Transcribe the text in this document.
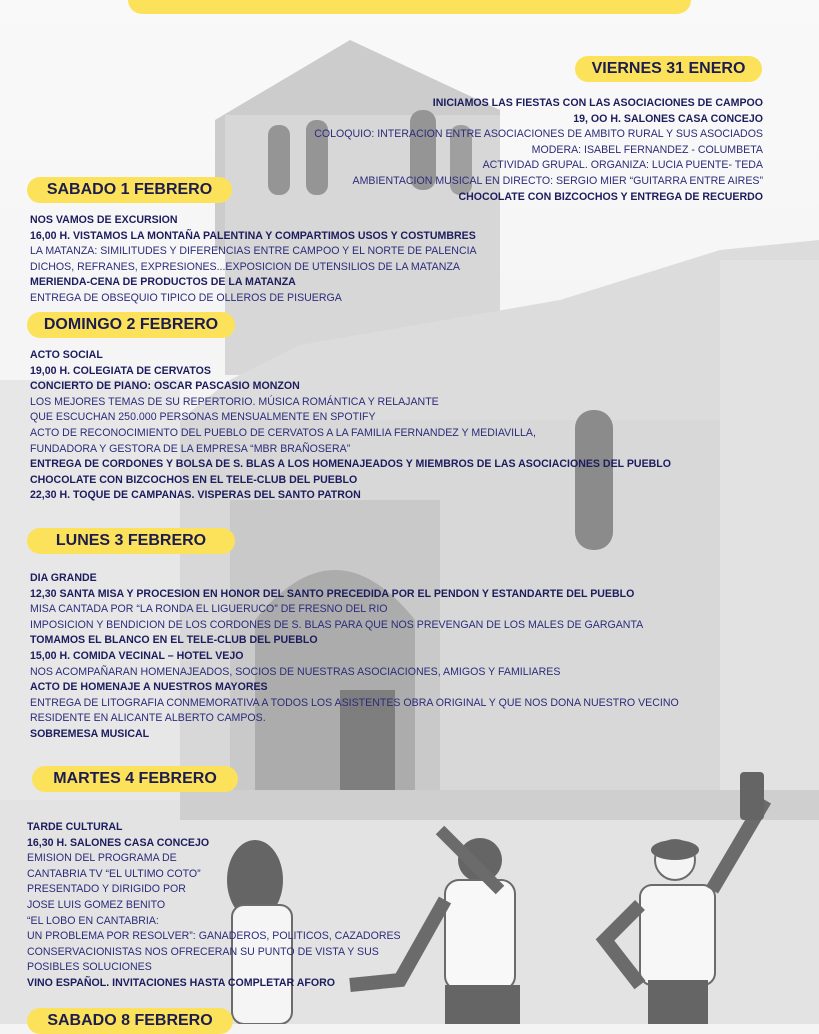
VIERNES 31 ENERO
INICIAMOS LAS FIESTAS CON LAS ASOCIACIONES DE CAMPOO
19, OO H. SALONES CASA CONCEJO
COLOQUIO: INTERACION ENTRE ASOCIACIONES DE AMBITO RURAL Y SUS ASOCIADOS
MODERA: ISABEL FERNANDEZ - COLUMBETA
ACTIVIDAD GRUPAL. ORGANIZA: LUCIA PUENTE- TEDA
AMBIENTACION MUSICAL EN DIRECTO: SERGIO MIER “GUITARRA ENTRE AIRES”
CHOCOLATE CON BIZCOCHOS Y ENTREGA DE RECUERDO
SABADO 1 FEBRERO
NOS VAMOS DE EXCURSION
16,00 H. VISTAMOS LA MONTAÑA PALENTINA Y COMPARTIMOS USOS Y COSTUMBRES
LA MATANZA: SIMILITUDES Y DIFERENCIAS ENTRE CAMPOO Y EL NORTE DE PALENCIA
DICHOS, REFRANES, EXPRESIONES...EXPOSICION DE UTENSILIOS DE LA MATANZA
MERIENDA-CENA DE PRODUCTOS DE LA MATANZA
ENTREGA DE OBSEQUIO TIPICO DE OLLEROS DE PISUERGA
DOMINGO 2 FEBRERO
ACTO SOCIAL
19,00 H. COLEGIATA DE CERVATOS
CONCIERTO DE PIANO: OSCAR PASCASIO MONZON
LOS MEJORES TEMAS DE SU REPERTORIO. MÚSICA ROMÁNTICA Y RELAJANTE
QUE ESCUCHAN 250.000 PERSONAS MENSUALMENTE EN SPOTIFY
ACTO DE RECONOCIMIENTO DEL PUEBLO DE CERVATOS A LA FAMILIA FERNANDEZ Y MEDIAVILLA,
FUNDADORA Y GESTORA DE LA EMPRESA “MBR BRAÑOSERA”
ENTREGA DE CORDONES Y BOLSA DE S. BLAS A LOS HOMENAJEADOS Y MIEMBROS DE LAS ASOCIACIONES DEL PUEBLO
CHOCOLATE CON BIZCOCHOS EN EL TELE-CLUB DEL PUEBLO
22,30 H. TOQUE DE CAMPANAS. VISPERAS DEL SANTO PATRON
LUNES 3 FEBRERO
DIA GRANDE
12,30 SANTA MISA Y PROCESION EN HONOR DEL SANTO PRECEDIDA POR EL PENDON Y ESTANDARTE DEL PUEBLO
MISA CANTADA POR “LA RONDA EL LIGUERUCO” DE FRESNO DEL RIO
IMPOSICION Y BENDICION DE LOS CORDONES DE S. BLAS PARA QUE NOS PREVENGAN DE LOS MALES DE GARGANTA
TOMAMOS EL BLANCO EN EL TELE-CLUB DEL PUEBLO
15,00 H. COMIDA VECINAL – HOTEL VEJO
NOS ACOMPAÑARAN HOMENAJEADOS, SOCIOS DE NUESTRAS ASOCIACIONES, AMIGOS Y FAMILIARES
ACTO DE HOMENAJE A NUESTROS MAYORES
ENTREGA DE LITOGRAFIA CONMEMORATIVA A TODOS LOS ASISTENTES OBRA ORIGINAL Y QUE NOS DONA NUESTRO VECINO
RESIDENTE EN ALICANTE ALBERTO CAMPOS.
SOBREMESA MUSICAL
MARTES 4 FEBRERO
TARDE CULTURAL
16,30 H. SALONES CASA CONCEJO
EMISION DEL PROGRAMA DE
CANTABRIA TV “EL ULTIMO COTO”
PRESENTADO Y DIRIGIDO POR
JOSE LUIS GOMEZ BENITO
“EL LOBO EN CANTABRIA:
UN PROBLEMA POR RESOLVER”: GANADEROS, POLITICOS, CAZADORES
CONSERVACIONISTAS NOS OFRECERAN SU PUNTO DE VISTA Y SUS
POSIBLES SOLUCIONES
VINO ESPAÑOL. INVITACIONES HASTA COMPLETAR AFORO
SABADO 8 FEBRERO
